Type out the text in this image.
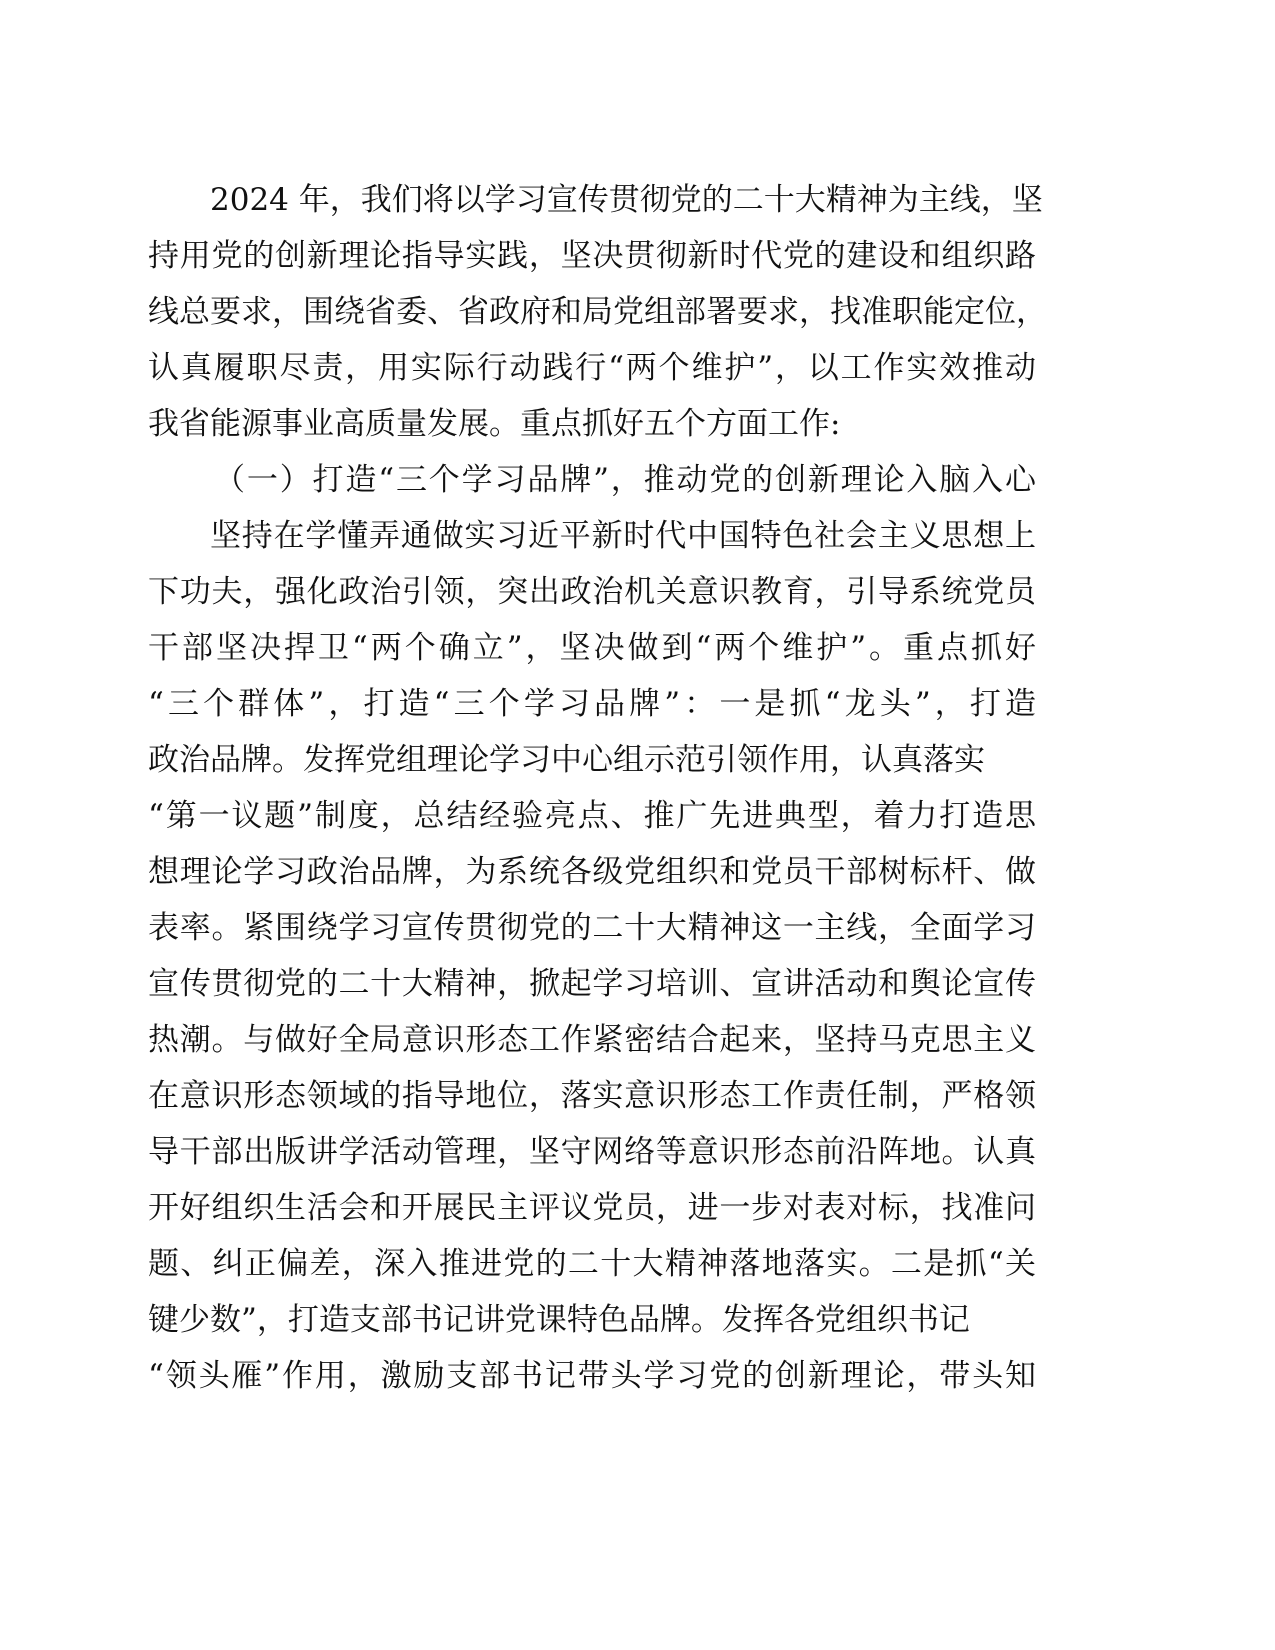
2024 年，我们将以学习宣传贯彻党的二十大精神为主线，坚
持用党的创新理论指导实践，坚决贯彻新时代党的建设和组织路
线总要求，围绕省委、省政府和局党组部署要求，找准职能定位，
认真履职尽责，用实际行动践行“两个维护”，以工作实效推动
我省能源事业高质量发展。重点抓好五个方面工作:
（一）打造“三个学习品牌”，推动党的创新理论入脑入心
坚持在学懂弄通做实习近平新时代中国特色社会主义思想上
下功夫，强化政治引领，突出政治机关意识教育，引导系统党员
干部坚决捍卫“两个确立”，坚决做到“两个维护”。重点抓好
“三个群体”，打造“三个学习品牌”：一是抓“龙头”，打造
政治品牌。发挥党组理论学习中心组示范引领作用，认真落实
“第一议题”制度，总结经验亮点、推广先进典型，着力打造思
想理论学习政治品牌，为系统各级党组织和党员干部树标杆、做
表率。紧围绕学习宣传贯彻党的二十大精神这一主线，全面学习
宣传贯彻党的二十大精神，掀起学习培训、宣讲活动和舆论宣传
热潮。与做好全局意识形态工作紧密结合起来，坚持马克思主义
在意识形态领域的指导地位，落实意识形态工作责任制，严格领
导干部出版讲学活动管理，坚守网络等意识形态前沿阵地。认真
开好组织生活会和开展民主评议党员，进一步对表对标，找准问
题、纠正偏差，深入推进党的二十大精神落地落实。二是抓“关
键少数”，打造支部书记讲党课特色品牌。发挥各党组织书记
“领头雁”作用，激励支部书记带头学习党的创新理论，带头知
